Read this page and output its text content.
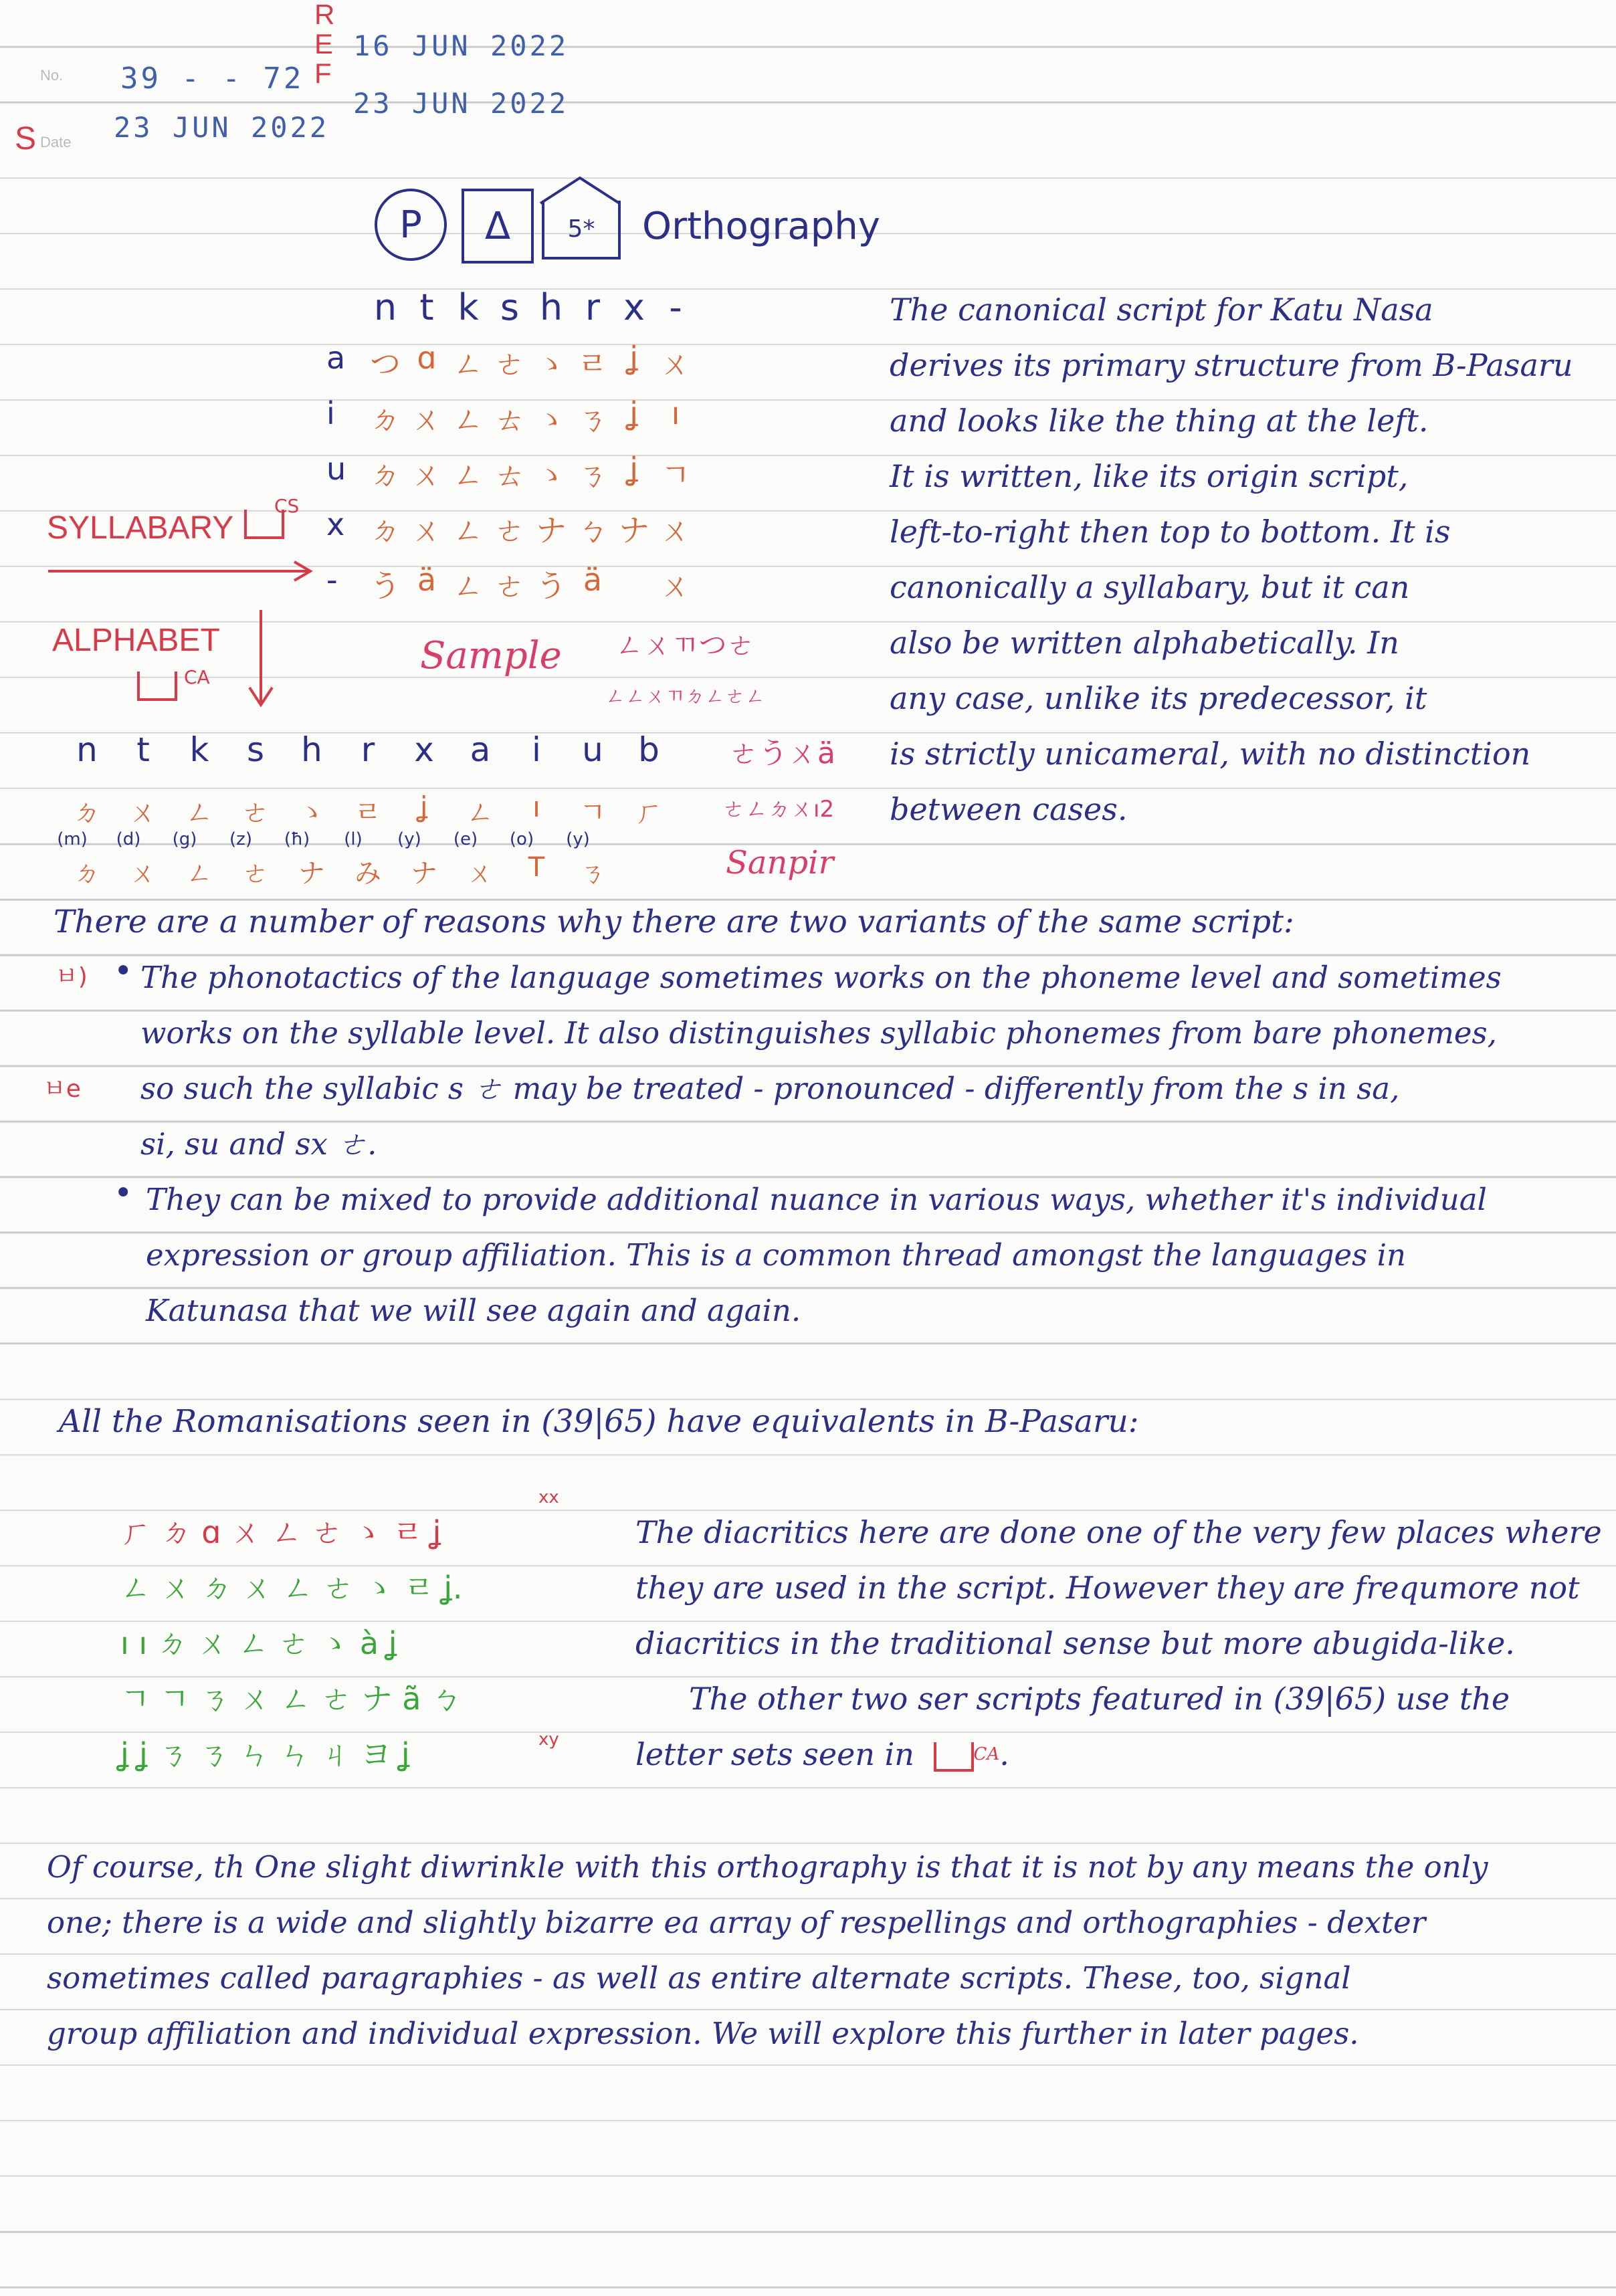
No.
S Date
39 - - 72
23 JUN 2022
REF
16 JUN 2022
23 JUN 2022
P Δ 5* Orthography
n t k s h r x -
a つ ɑ ㄥ ㄜ ゝ ㄹ ʝ ㄨ
i ㄉ ㄨ ㄥ ㄊ ゝ ㄋ ʝ	ı
u ㄉ ㄨ ㄥ ㄊ ゝ ㄋ ʝ ㄱ
x ㄉ ㄨ ㄥ ㄜ ナ ㄅ ナ ㄨ
- う ä ㄥ ㄜ う ä	ㄨ
SYLLABARY
CS
ALPHABET
CA	Sample ㄥㄨㄲつㄜ
ㄥㄥㄨㄲㄉㄥㄜㄥ
ㄜうㄨä
ㄜㄥㄉㄨı2
Sanpir
n	t	k	s	h	r	x	a	i	u	b
ㄉ ㄨ ㄥ ㄜ ゝ	ㄹ	ʝ	ㄥ	ı	ㄱ	ㄏ
(m)	(d)	(g)	(z)	(ħ)	(l)	(y)	(e)	(o)	(y)
ㄉ	ㄨ	ㄥ	ㄜ	ナ	み	ナ	ㄨ	T	ㄋ
The canonical script for Katu Nasa
derives its primary structure from B-Pasaru
and looks like the thing at the left.
It is written, like its origin script,
left-to-right then top to bottom. It is
canonically a syllabary, but it can
also be written alphabetically. In
any case, unlike its predecessor, it
is strictly unicameral, with no distinction
between cases.
There are a number of reasons why there are two variants of the same script:
ㅂ)
ㅂe
• The phonotactics of the language sometimes works on the phoneme level and sometimes
works on the syllable level. It also distinguishes syllabic phonemes from bare phonemes,
so such the syllabic s ㄜ may be treated - pronounced - differently from the s in sa,
si, su and sx ㄜ.
• They can be mixed to provide additional nuance in various ways, whether it's individual
expression or group affiliation. This is a common thread amongst the languages in
Katunasa that we will see again and again.
All the Romanisations seen in (39|65) have equivalents in B-Pasaru:
ㄏ ㄉ ɑ ㄨ ㄥ ㄜ ゝ ㄹ ʝ
ㄥ ㄨ ㄉ ㄨ ㄥ ㄜ ゝ ㄹ ʝ.
ı ı ㄉ ㄨ ㄥ ㄜ ゝ à ʝ
ㄱ ㄱ ㄋ ㄨ ㄥ ㄜ ナ ã ㄅ
ʝ ʝ ㄋ ㄋ ㄣ ㄣ ㄐ ヨ ʝ
xx
xy
The diacritics here are done one of the very few places where
they are used in the script. However they are frequmore not
diacritics in the traditional sense but more abugida-like.
The other two ser scripts featured in (39|65) use the
letter sets seen in	$^{CA}$.
Of course, th One slight diwrinkle with this orthography is that it is not by any means the only
one; there is a wide and slightly bizarre ea array of respellings and orthographies - dexter
sometimes called paragraphies - as well as entire alternate scripts. These, too, signal
group affiliation and individual expression. We will explore this further in later pages.
